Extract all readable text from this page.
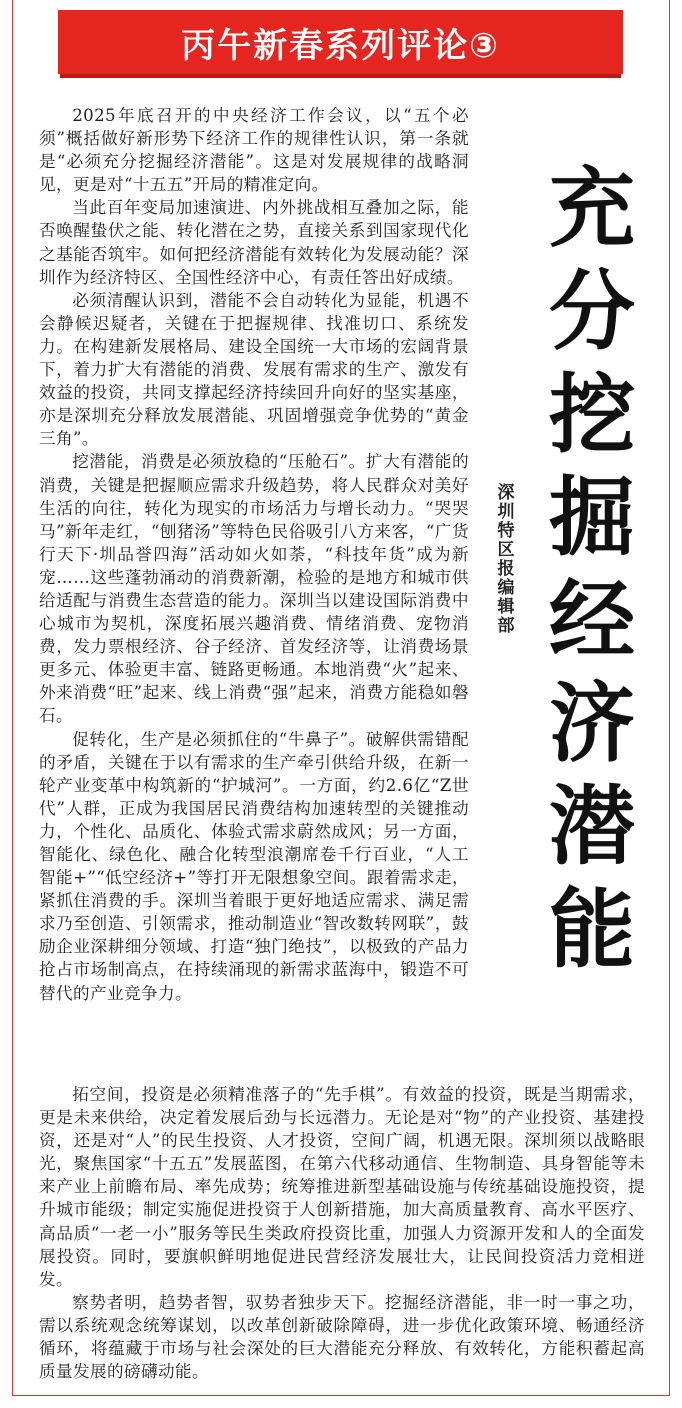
丙午新春系列评论③

2025年底召开的中央经济工作会议，以“五个必须”概括做好新形势下经济工作的规律性认识，第一条就是“必须充分挖掘经济潜能”。这是对发展规律的战略洞见，更是对“十五五”开局的精准定向。

当此百年变局加速演进、内外挑战相互叠加之际，能否唤醒蛰伏之能、转化潜在之势，直接关系到国家现代化之基能否筑牢。如何把经济潜能有效转化为发展动能？深圳作为经济特区、全国性经济中心，有责任答出好成绩。

必须清醒认识到，潜能不会自动转化为显能，机遇不会静候迟疑者，关键在于把握规律、找准切口、系统发力。在构建新发展格局、建设全国统一大市场的宏阔背景下，着力扩大有潜能的消费、发展有需求的生产、激发有效益的投资，共同支撑起经济持续回升向好的坚实基座，亦是深圳充分释放发展潜能、巩固增强竞争优势的“黄金三角”。

挖潜能，消费是必须放稳的“压舱石”。扩大有潜能的消费，关键是把握顺应需求升级趋势，将人民群众对美好生活的向往，转化为现实的市场活力与增长动力。“哭哭马”新年走红，“刨猪汤”等特色民俗吸引八方来客，“广货行天下·圳品誉四海”活动如火如荼，“科技年货”成为新宠……这些蓬勃涌动的消费新潮，检验的是地方和城市供给适配与消费生态营造的能力。深圳当以建设国际消费中心城市为契机，深度拓展兴趣消费、情绪消费、宠物消费，发力票根经济、谷子经济、首发经济等，让消费场景更多元、体验更丰富、链路更畅通。本地消费“火”起来、外来消费“旺”起来、线上消费“强”起来，消费方能稳如磐石。

促转化，生产是必须抓住的“牛鼻子”。破解供需错配的矛盾，关键在于以有需求的生产牵引供给升级，在新一轮产业变革中构筑新的“护城河”。一方面，约2.6亿“Z世代”人群，正成为我国居民消费结构加速转型的关键推动力，个性化、品质化、体验式需求蔚然成风；另一方面，智能化、绿色化、融合化转型浪潮席卷千行百业，“人工智能+”“低空经济+”等打开无限想象空间。跟着需求走，紧抓住消费的手。深圳当着眼于更好地适应需求、满足需求乃至创造、引领需求，推动制造业“智改数转网联”，鼓励企业深耕细分领域、打造“独门绝技”，以极致的产品力抢占市场制高点，在持续涌现的新需求蓝海中，锻造不可替代的产业竞争力。

充
分
挖
掘
经
济
潜
能
深
圳
特
区
报
编
辑
部

拓空间，投资是必须精准落子的“先手棋”。有效益的投资，既是当期需求，更是未来供给，决定着发展后劲与长远潜力。无论是对“物”的产业投资、基建投资，还是对“人”的民生投资、人才投资，空间广阔，机遇无限。深圳须以战略眼光，聚焦国家“十五五”发展蓝图，在第六代移动通信、生物制造、具身智能等未来产业上前瞻布局、率先成势；统筹推进新型基础设施与传统基础设施投资，提升城市能级；制定实施促进投资于人创新措施，加大高质量教育、高水平医疗、高品质“一老一小”服务等民生类政府投资比重，加强人力资源开发和人的全面发展投资。同时，要旗帜鲜明地促进民营经济发展壮大，让民间投资活力竞相迸发。

察势者明，趋势者智，驭势者独步天下。挖掘经济潜能，非一时一事之功，需以系统观念统筹谋划，以改革创新破除障碍，进一步优化政策环境、畅通经济循环，将蕴藏于市场与社会深处的巨大潜能充分释放、有效转化，方能积蓄起高质量发展的磅礴动能。
